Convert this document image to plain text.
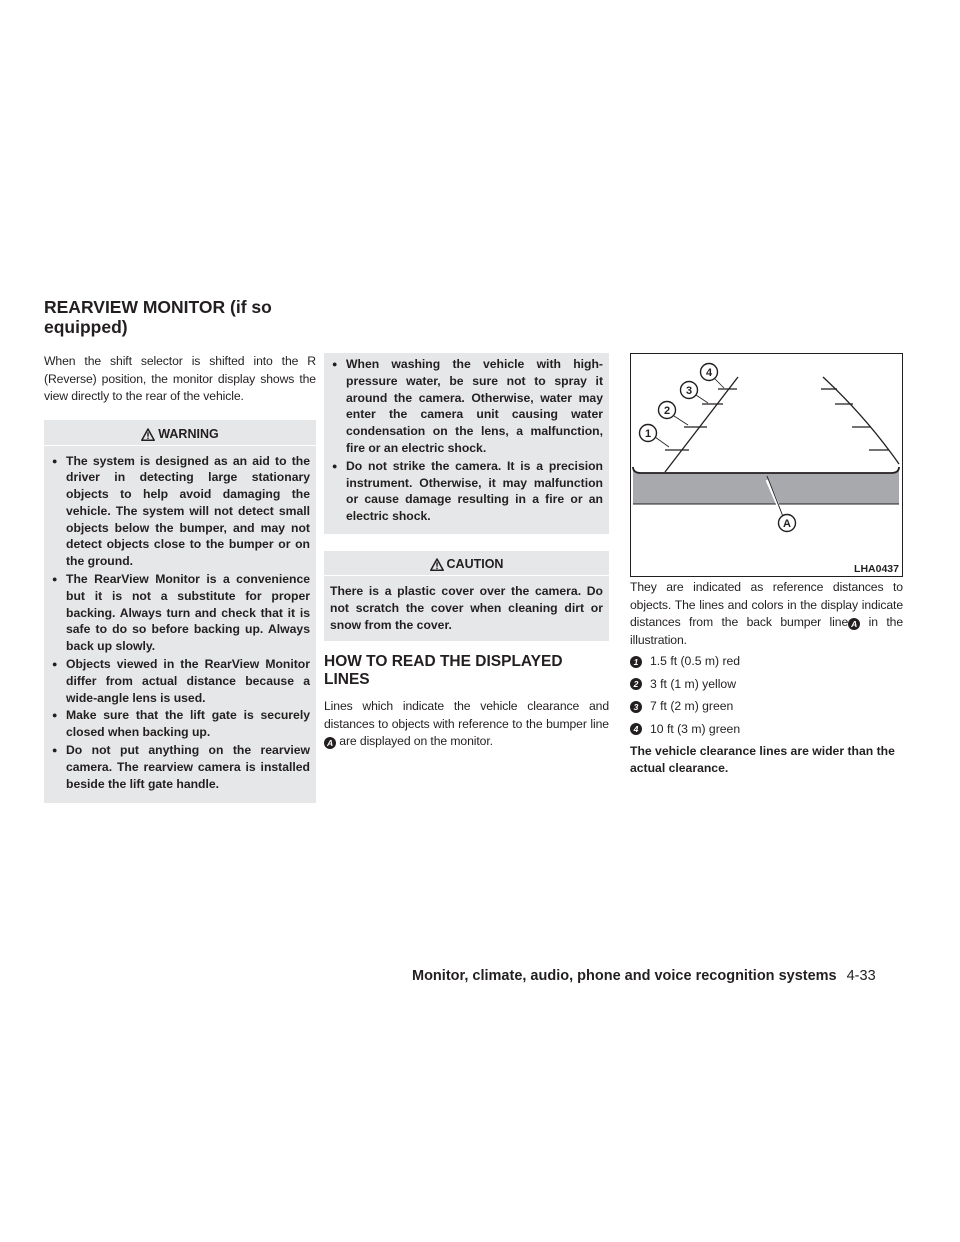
REARVIEW MONITOR (if so equipped)

When the shift selector is shifted into the R (Reverse) position, the monitor display shows the view directly to the rear of the vehicle.

WARNING
● The system is designed as an aid to the driver in detecting large stationary objects to help avoid damaging the vehicle. The system will not detect small objects below the bumper, and may not detect objects close to the bumper or on the ground.
● The RearView Monitor is a convenience but it is not a substitute for proper backing. Always turn and check that it is safe to do so before backing up. Always back up slowly.
● Objects viewed in the RearView Monitor differ from actual distance because a wide-angle lens is used.
● Make sure that the lift gate is securely closed when backing up.
● Do not put anything on the rearview camera. The rearview camera is installed beside the lift gate handle.
● When washing the vehicle with high-pressure water, be sure not to spray it around the camera. Otherwise, water may enter the camera unit causing water condensation on the lens, a malfunction, fire or an electric shock.
● Do not strike the camera. It is a precision instrument. Otherwise, it may malfunction or cause damage resulting in a fire or an electric shock.
CAUTION

There is a plastic cover over the camera. Do not scratch the cover when cleaning dirt or snow from the cover.

HOW TO READ THE DISPLAYED LINES

Lines which indicate the vehicle clearance and distances to objects with reference to the bumper line A are displayed on the monitor.

1
2
3
4
A
LHA0437

They are indicated as reference distances to objects. The lines and colors in the display indicate distances from the back bumper line A in the illustration.

1 1.5 ft (0.5 m) red
2 3 ft (1 m) yellow
3 7 ft (2 m) green
4 10 ft (3 m) green

The vehicle clearance lines are wider than the actual clearance.

Monitor, climate, audio, phone and voice recognition systems 4-33
